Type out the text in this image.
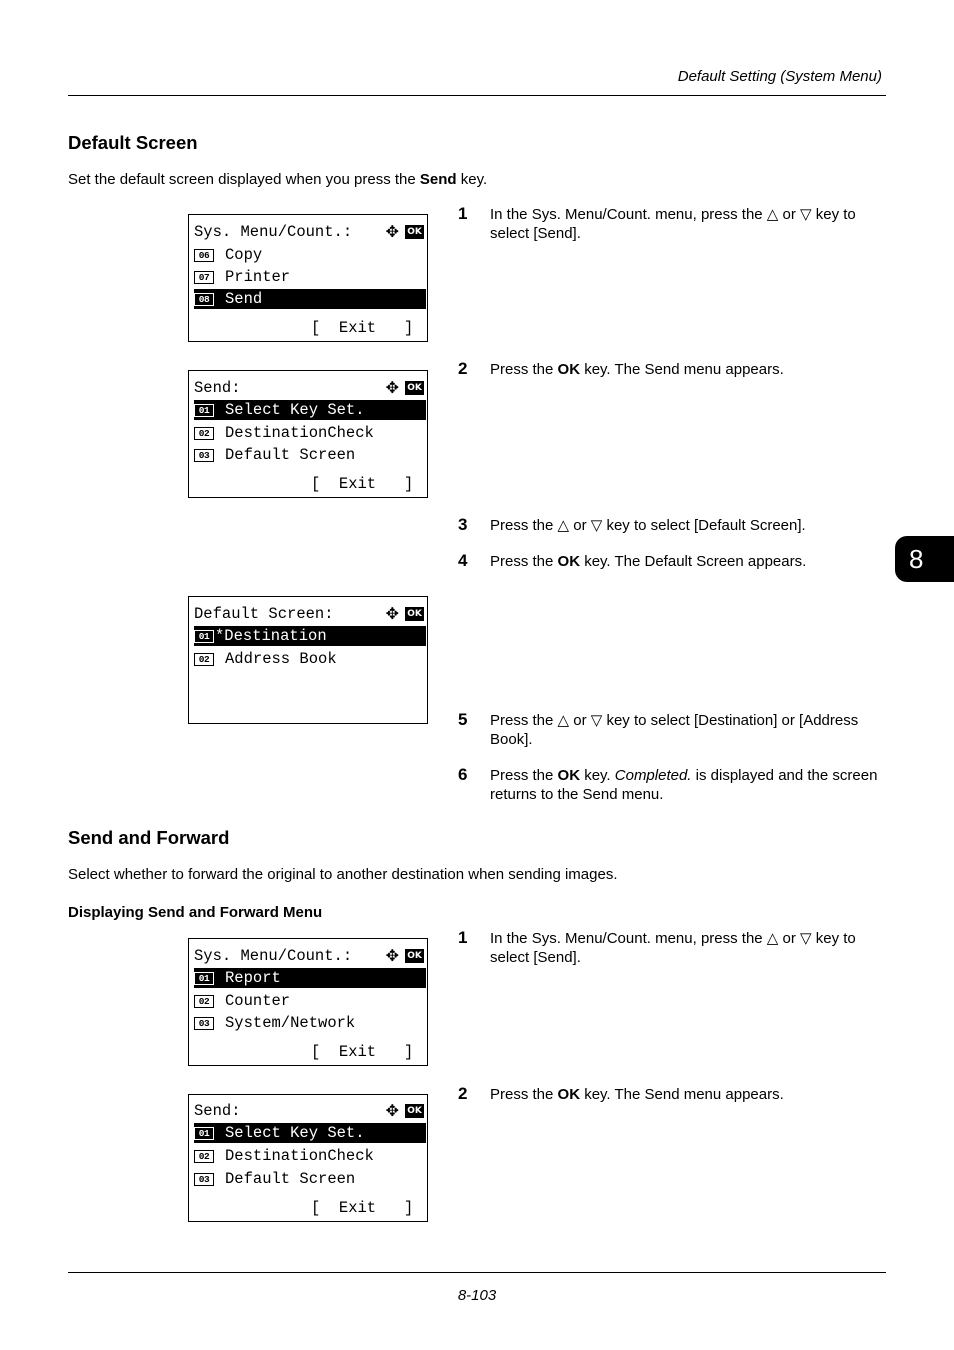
Default Setting (System Menu)
8
Default Screen
Set the default screen displayed when you press the Send key.
Sys. Menu/Count.: ✥ OK
06 Copy
07 Printer
08 Send
[  Exit   ]
1 In the Sys. Menu/Count. menu, press the △ or ▽ key to select [Send].
Send:	✥ OK
01 Select Key Set.
02 DestinationCheck
03 Default Screen
[  Exit   ]
2 Press the OK key. The Send menu appears.
3 Press the △ or ▽ key to select [Default Screen].
4 Press the OK key. The Default Screen appears.
Default Screen:	✥ OK
01 *Destination
02 Address Book
5 Press the △ or ▽ key to select [Destination] or [Address Book].
6 Press the OK key. Completed. is displayed and the screen returns to the Send menu.
Send and Forward
Select whether to forward the original to another destination when sending images.
Displaying Send and Forward Menu
Sys. Menu/Count.: ✥ OK
01 Report
02 Counter
03 System/Network
[  Exit   ]
1 In the Sys. Menu/Count. menu, press the △ or ▽ key to select [Send].
Send:	✥ OK
01 Select Key Set.
02 DestinationCheck
03 Default Screen
[  Exit   ]
2 Press the OK key. The Send menu appears.
8-103
